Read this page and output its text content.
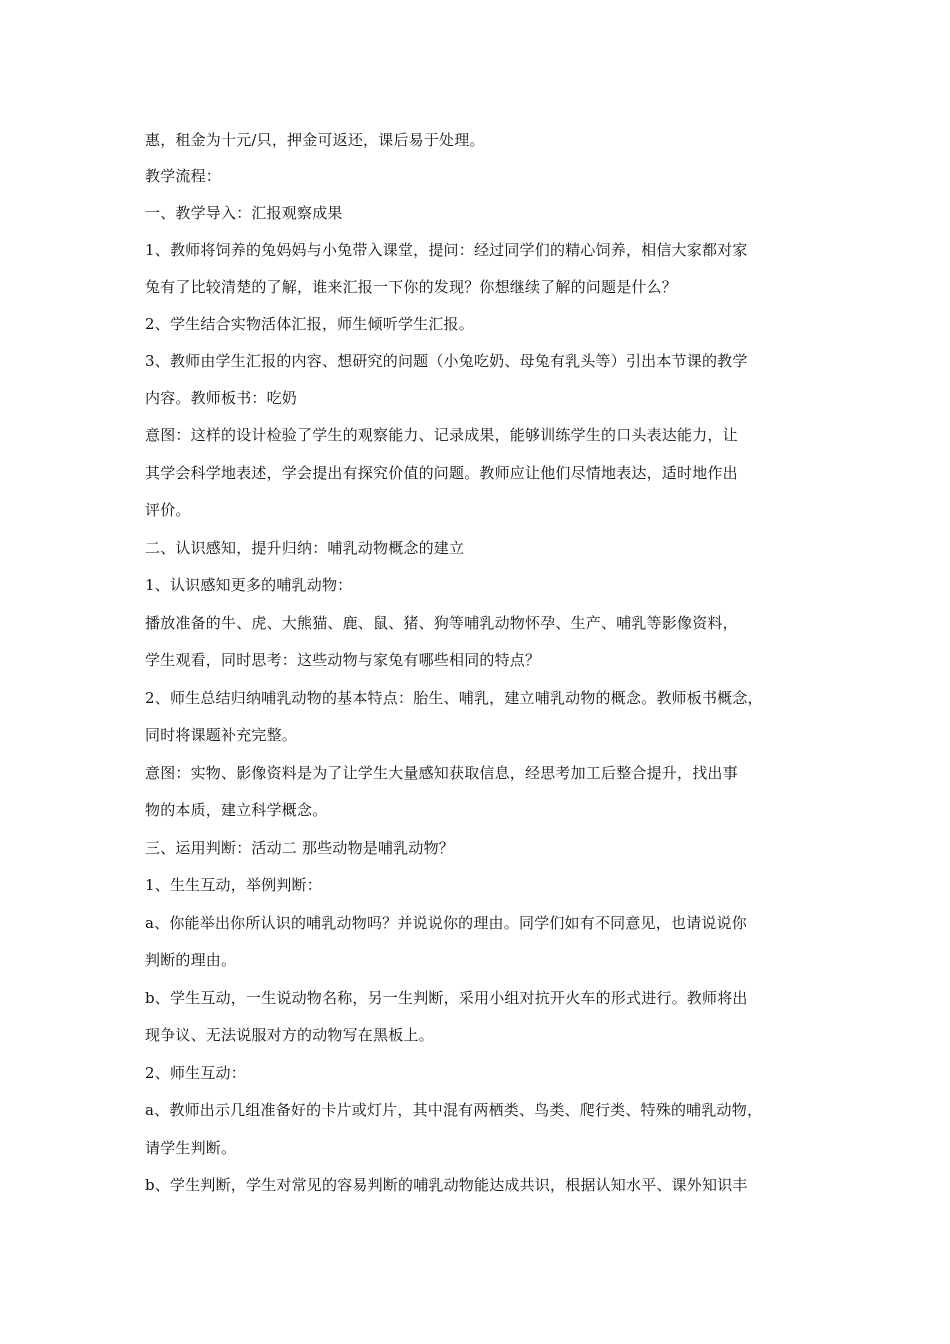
惠，租金为十元/只，押金可返还，课后易于处理。
教学流程：
一、教学导入：汇报观察成果
1、教师将饲养的兔妈妈与小兔带入课堂，提问：经过同学们的精心饲养，相信大家都对家
兔有了比较清楚的了解，谁来汇报一下你的发现？你想继续了解的问题是什么？
2、学生结合实物活体汇报，师生倾听学生汇报。
3、教师由学生汇报的内容、想研究的问题（小兔吃奶、母兔有乳头等）引出本节课的教学
内容。教师板书：吃奶
意图：这样的设计检验了学生的观察能力、记录成果，能够训练学生的口头表达能力，让
其学会科学地表述，学会提出有探究价值的问题。教师应让他们尽情地表达，适时地作出
评价。
二、认识感知，提升归纳：哺乳动物概念的建立
1、认识感知更多的哺乳动物：
播放准备的牛、虎、大熊猫、鹿、鼠、猪、狗等哺乳动物怀孕、生产、哺乳等影像资料，
学生观看，同时思考：这些动物与家兔有哪些相同的特点？
2、师生总结归纳哺乳动物的基本特点：胎生、哺乳，建立哺乳动物的概念。教师板书概念，
同时将课题补充完整。
意图：实物、影像资料是为了让学生大量感知获取信息，经思考加工后整合提升，找出事
物的本质，建立科学概念。
三、运用判断：活动二 那些动物是哺乳动物？
1、生生互动，举例判断：
a、你能举出你所认识的哺乳动物吗？并说说你的理由。同学们如有不同意见，也请说说你
判断的理由。
b、学生互动，一生说动物名称，另一生判断，采用小组对抗开火车的形式进行。教师将出
现争议、无法说服对方的动物写在黑板上。
2、师生互动：
a、教师出示几组准备好的卡片或灯片，其中混有两栖类、鸟类、爬行类、特殊的哺乳动物，
请学生判断。
b、学生判断，学生对常见的容易判断的哺乳动物能达成共识，根据认知水平、课外知识丰
